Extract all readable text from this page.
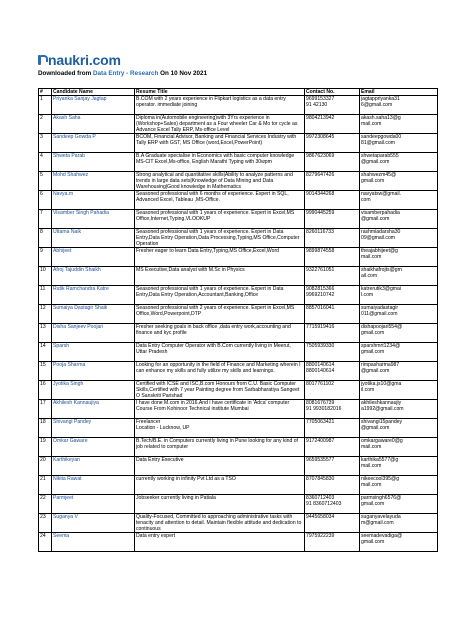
naukri.com
Downloaded from Data Entry - Research On 10 Nov 2021
#	Candidate Name	Resume Title	Contact No.	Email

1	Priyanka Sanjay Jagtap	B.COM with 2 years experience in Flipkart logistics as a data entry operator. immediate joining	9699153327
91 42130	jagtappriyanka31
6@gmail.com

2	Akash Saha	Diploma in(Automobile engineering)with 3Yrs experience in (Workshop+Sales) department as a Four wheeler Car & Mo tor cycle as Advance Excel Tally ERP, Ms-office Level	9804213942	akash.saha13@g
mail.com

3	Sandeep Gowda P	BCOM, Financial Advisor, Banking and Financial Services Industry with Tally ERP with GST, MS Office (word,Excel,PowerPoint)	9972308645	sandeepgowda00
81@gmail.com

4	Shweta Parab	B.A Graduate specialise in Economics with basic computer knowledge MS-CIT Excel,Ms-office, English Marathi Typing with 30wpm	9867623069	shwetaparab555
@gmail.com

5	Mohd Shahwez	Strong analytical and quantitative skills|Ability to analyze patterns and trends in large data sets|Knowledge of Data Mining and Data Warehousing|Good knowledge in Mathematics	8279647426	shahwezm45@
gmail.com

6	Navya.m	Seasoned professional with 6 months of experience. Expert in SQL, Advanced Excel, Tableau ,MS-Office.	9014344268	navyatsw@gmail.
com

7	Visamber Singh Pahadia	Seasoned professional with 1 years of experience. Expert in Excel,MS Office,Internet,Typing,VLOOKUP	9990445259	visamberpahadia
@gmail.com

8	Uttama Naik	Seasoned professional with 1 years of experience. Expert in Data Entry,Data Entry Operation,Data Processing,Typing,MS Office,Computer Operation	8260116733	rashmiadarsha30
09@gmail.com

9	Abhijeet	Fresher eager to learn Data Entry,Typing,MS Office,Excel,Word	9899874558	theajabhijeet@g
mail.com

10	Afroj Tajuddin Shaikh	MS Executive,Data analyst with M.Sc in Physics	9322761051	shaikhafrojts@gm
ail.com

11	Rutik Ramchandra Katre	Seasoned professional with 1 years of experience. Expert in Data Entry,Data Entry Operation,Accountant,Banking,Office	9082815366
9969210742	katrerutik3@gmai
l.com

12	Sumaiya Dastagir Shaik	Seasoned professional with 2 years of experience. Expert in Excel,MS Office,Word,Powerpoint,DTP	8857016041	sumaiyadastagir
011@gmail.com

13	Disha Sanjeev Poojari	Fresher seeking goals in back office ,data entry work,accounting and finance and kyc profile	7715919416	dishapoojari554@
gmail.com

14	Sparsh	Data Entry Computer Operator with B.Com currently living in Meerut, Uttar Pradesh	7505939330	sparshmrt1234@
gmail.com

15	Pooja Sharma	Looking for an opportunity in the field of Finance and Marketing wherein I can enhance my skills and fully utilize my skills and learnings.	8800140614
8800140614	rimpasharma987
@gmail.com

16	Jyotika Singh	Certified with ICSE and ISC,B.com Honours from C.U. Basic Computer Skills,Certified with 7 year Painting degree from Sarbabharatiya Sangeet O Sanskriti Parishad	8017761102	jyotika.js10@gma
il.com

17	Akhilesh Kannaujiya	I have done M.com in 2016.And i have certificate in 'Adca' computer Course From Kohinoor Technical institute Mumbai	8081676739
91 9930182016	akhileshkannaujiy
a1992@gmail.com

18	Shivangi Pandey	Freelancer
Location - Lucknow, UP	7705063421	shivangi15pandey
@gmail.com

19	Omkar Gaware	B.Tech/B.E. in Computers currently living in Pune looking for any kind of job related to computer	9172400987	omkargaware0@g
mail.com

20	Karthikeyan	Data Entry Executive	9659535577	karthika5577@g
mail.com

21	Nikita Rawat	currently working in infinity Pvt Ltd as a TSO	8707845830	nikeecool395@g
mail.com

22	Parmjeet	Jobseeker currently living in Patiala	8360712403
91 8360712403	parmsingh6576@
gmail.com

23	Suganya V	Quality-Focused, Committed to approaching administrative tasks with tenacity and attention to detail. Maintain flexible attitude and dedication to continuous	9445658034	suganyavelayuda
m@gmail.com

24	Seema	Data entry expert	7975922239	seemadevadiga@
gmail.com
